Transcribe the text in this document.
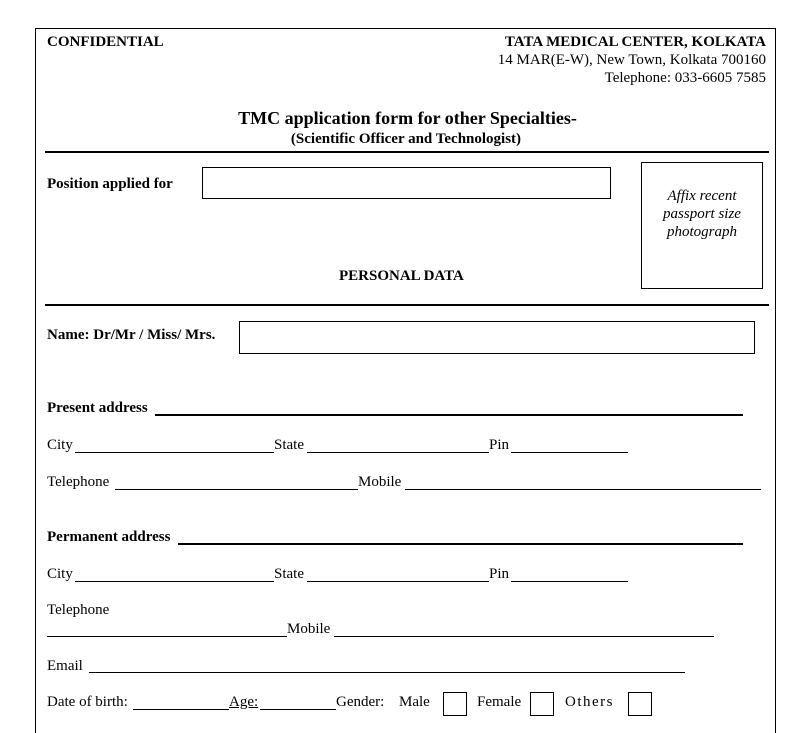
CONFIDENTIAL	TATA MEDICAL CENTER, KOLKATA
14 MAR(E-W), New Town, Kolkata 700160
Telephone: 033-6605 7585
TMC application form for other Specialties-
(Scientific Officer and Technologist)
Position applied for
Affix recent passport size photograph
PERSONAL DATA
Name: Dr/Mr / Miss/ Mrs.
Present address
City	State	Pin
Telephone	Mobile
Permanent address
City	State	Pin
Telephone
Mobile
Email
Date of birth:	Age:	Gender: Male	Female	Others
